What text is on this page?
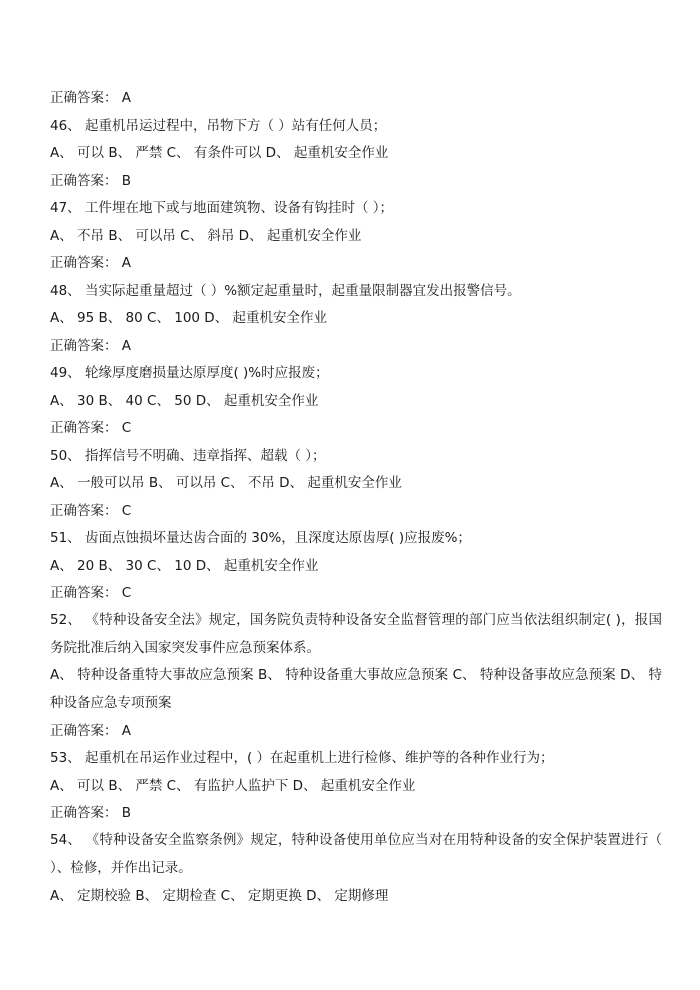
正确答案： A
46、 起重机吊运过程中，吊物下方（ ）站有任何人员；
A、 可以 B、 严禁 C、 有条件可以 D、 起重机安全作业
正确答案： B
47、 工件埋在地下或与地面建筑物、设备有钩挂时（ ）；
A、 不吊 B、 可以吊 C、 斜吊 D、 起重机安全作业
正确答案： A
48、 当实际起重量超过（ ）%额定起重量时，起重量限制器宜发出报警信号。
A、 95 B、 80 C、 100 D、 起重机安全作业
正确答案： A
49、 轮缘厚度磨损量达原厚度( )%时应报废；
A、 30 B、 40 C、 50 D、 起重机安全作业
正确答案： C
50、 指挥信号不明确、违章指挥、超载（ ）；
A、 一般可以吊 B、 可以吊 C、 不吊 D、 起重机安全作业
正确答案： C
51、 齿面点蚀损坏量达齿合面的 30%，且深度达原齿厚( )应报废%；
A、 20 B、 30 C、 10 D、 起重机安全作业
正确答案： C
52、 《特种设备安全法》规定，国务院负责特种设备安全监督管理的部门应当依法组织制定( )，报国务院批准后纳入国家突发事件应急预案体系。
A、 特种设备重特大事故应急预案 B、 特种设备重大事故应急预案 C、 特种设备事故应急预案 D、 特种设备应急专项预案
正确答案： A
53、 起重机在吊运作业过程中，( ）在起重机上进行检修、维护等的各种作业行为；
A、 可以 B、 严禁 C、 有监护人监护下 D、 起重机安全作业
正确答案： B
54、 《特种设备安全监察条例》规定，特种设备使用单位应当对在用特种设备的安全保护装置进行（ ）、检修，并作出记录。
A、 定期校验 B、 定期检查 C、 定期更换 D、 定期修理
